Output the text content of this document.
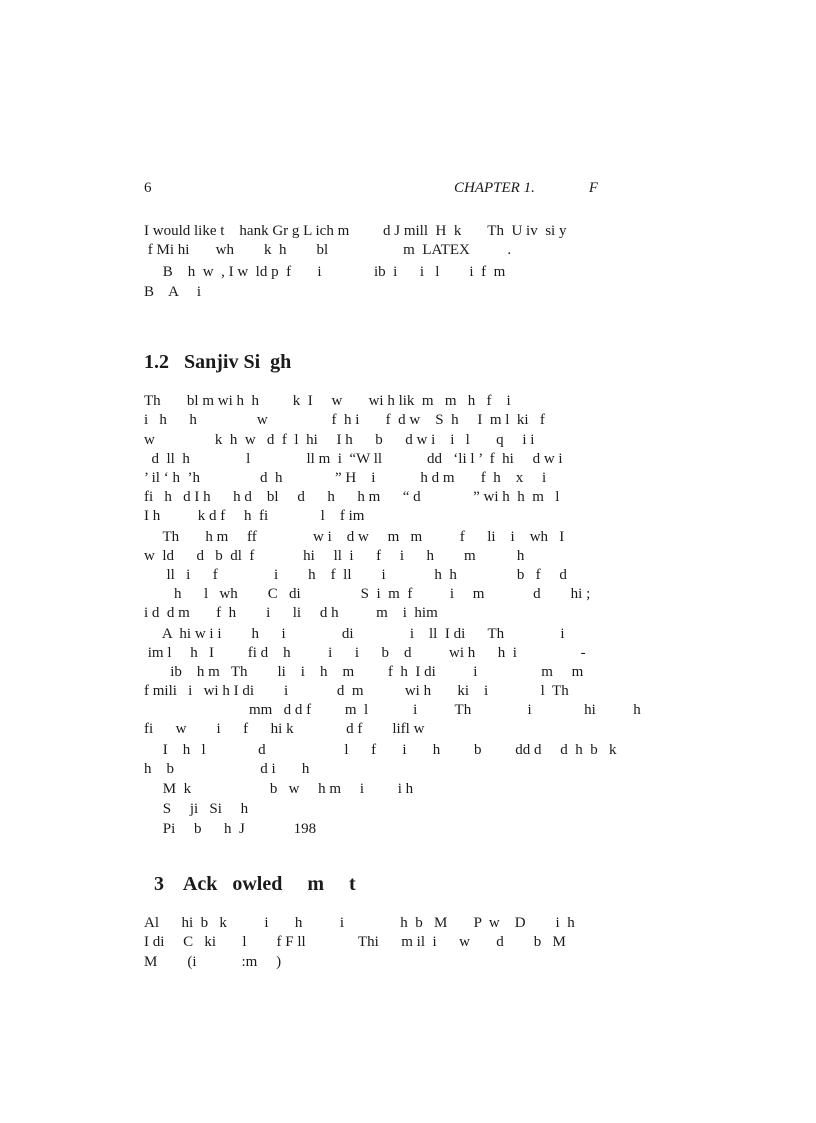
6	CHAPTER 1.	F
I would like t    hank Gr g L ich m         d J mill  H  k       Th  U iv  si y
f Mi hi       wh        k  h        bl                    m  LATEX          .
B    h  w  , I w  ld p  f       i              ib  i      i   l        i  f  m
B    A     i
1.2   Sanjiv Si  gh
Th       bl m wi h  h         k  I     w       wi h lik  m   m   h   f    i
i   h      h                w                 f  h i       f  d w    S  h     I  m l  ki   f
w                k  h  w   d  f  l  hi     I h      b      d w i    i   l       q     i i
d  ll  h               l               ll m  i  “W ll            dd   ‘li l ’  f  hi     d w i
’ il ‘ h  ’h                d  h              ” H    i            h d m       f  h    x     i
fi   h   d I h      h d    bl     d      h      h m      “ d              ” wi h  h  m   l
I h          k d f     h  fi              l    f im
Th       h m     ff               w i    d w     m   m          f      li    i    wh   I
w  ld      d   b  dl  f             hi     ll  i      f     i      h        m           h
ll   i      f               i        h    f  ll        i             h  h                b   f     d
h      l   wh        C   di                S  i  m  f          i     m             d        hi ;
i d  d m       f  h        i      li     d h          m    i  him
A  hi w i i        h      i               di               i    ll  I di      Th               i
im l     h   I         fi d    h          i      i      b    d          wi h      h  i                 -
ib    h m   Th        li    i    h    m         f  h  I di          i                 m     m
f mili   i   wi h I di        i             d  m           wi h       ki    i              l  Th
mm   d d f         m  l            i          Th               i              hi          h
fi      w        i      f      hi k              d f        lifl w
I    h   l              d                     l      f       i       h         b         dd d     d  h  b   k
h    b                       d i       h
M  k                     b   w     h m     i         i h
S     ji   Si     h
Pi     b      h  J             198
3    Ack   owled     m     t
Al      hi  b   k          i       h          i               h  b   M       P  w    D        i  h
I di     C   ki       l        f F ll              Thi      m il  i      w       d        b   M
M        (i            :m     )
